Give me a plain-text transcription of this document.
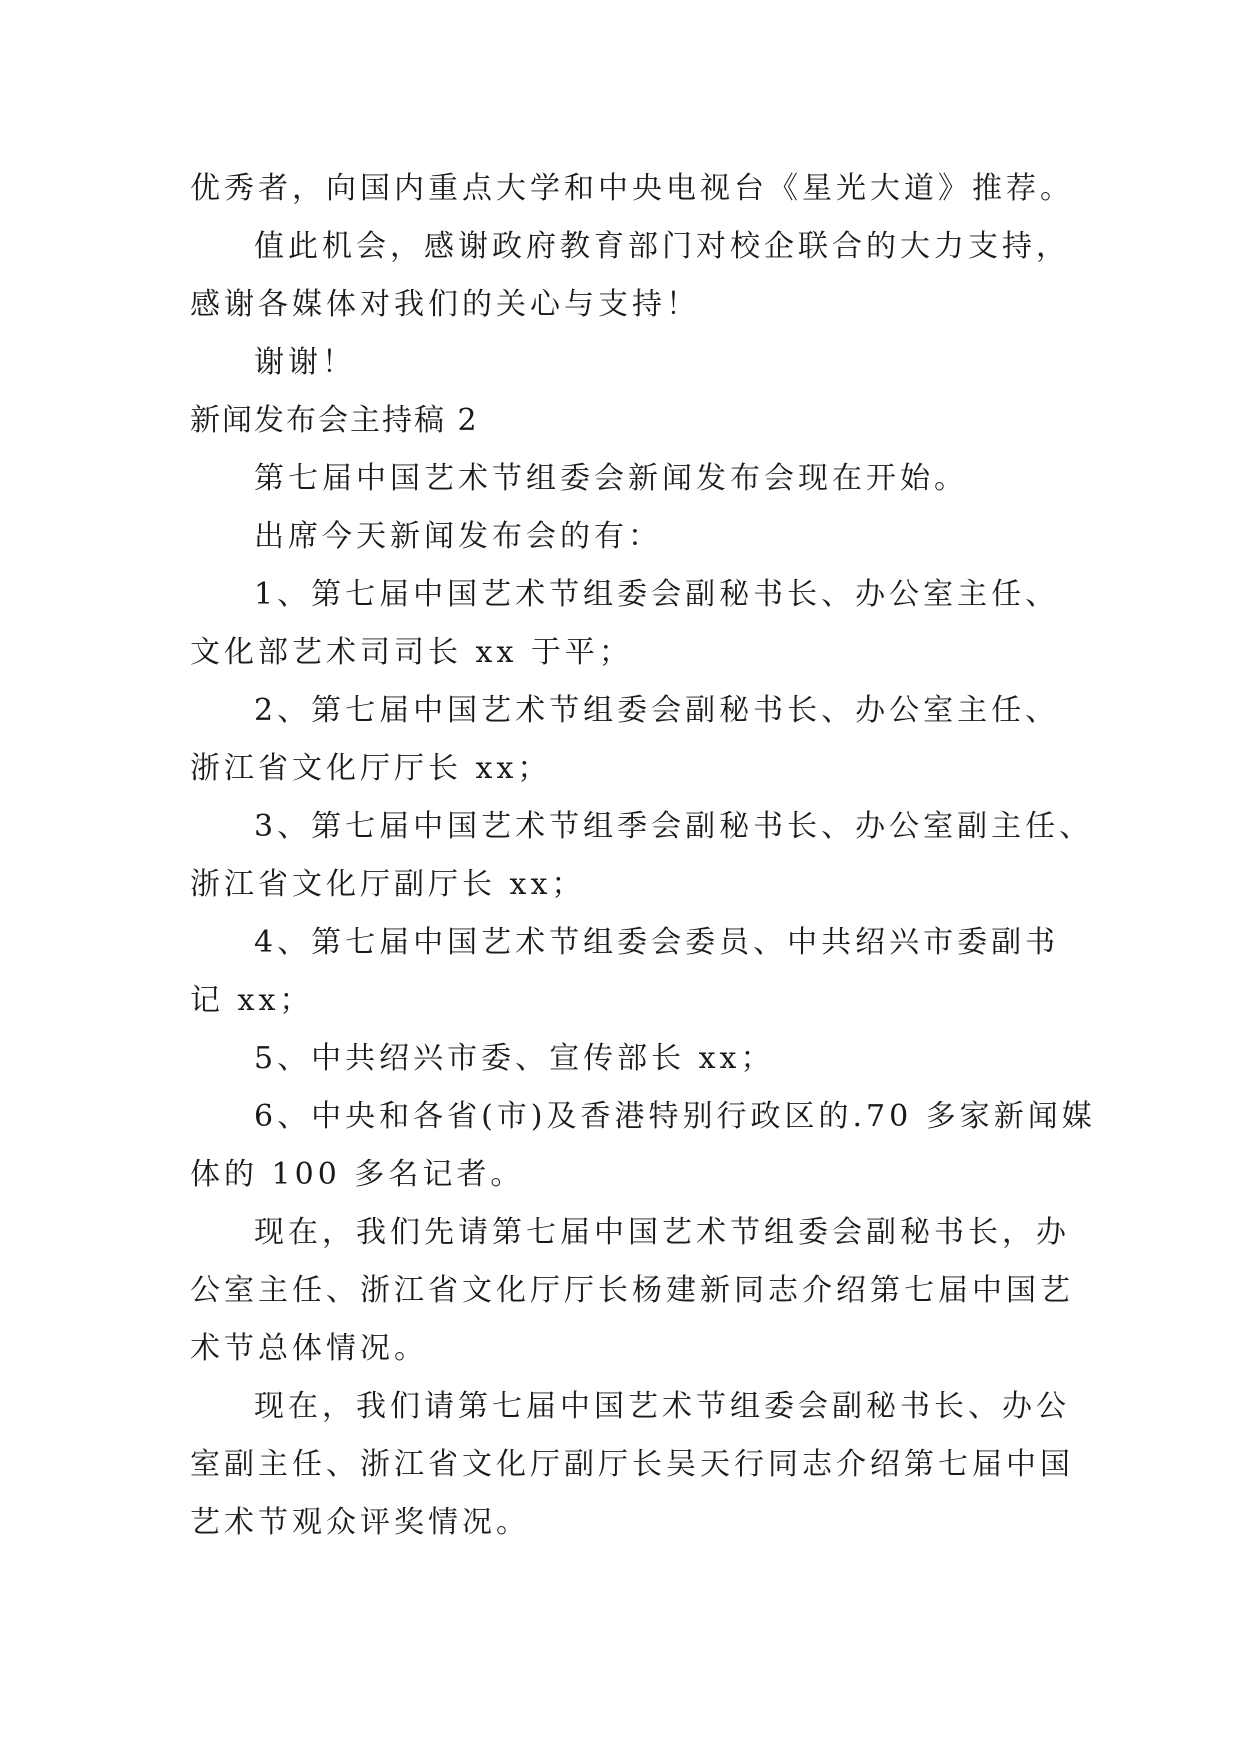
优秀者，向国内重点大学和中央电视台《星光大道》推荐。
值此机会，感谢政府教育部门对校企联合的大力支持，
感谢各媒体对我们的关心与支持！
谢谢！
新闻发布会主持稿 2
第七届中国艺术节组委会新闻发布会现在开始。
出席今天新闻发布会的有：
1、第七届中国艺术节组委会副秘书长、办公室主任、
文化部艺术司司长 xx 于平；
2、第七届中国艺术节组委会副秘书长、办公室主任、
浙江省文化厅厅长 xx；
3、第七届中国艺术节组季会副秘书长、办公室副主任、
浙江省文化厅副厅长 xx；
4、第七届中国艺术节组委会委员、中共绍兴市委副书
记 xx；
5、中共绍兴市委、宣传部长 xx；
6、中央和各省(市)及香港特别行政区的.70 多家新闻媒
体的 100 多名记者。
现在，我们先请第七届中国艺术节组委会副秘书长，办
公室主任、浙江省文化厅厅长杨建新同志介绍第七届中国艺
术节总体情况。
现在，我们请第七届中国艺术节组委会副秘书长、办公
室副主任、浙江省文化厅副厅长吴天行同志介绍第七届中国
艺术节观众评奖情况。
